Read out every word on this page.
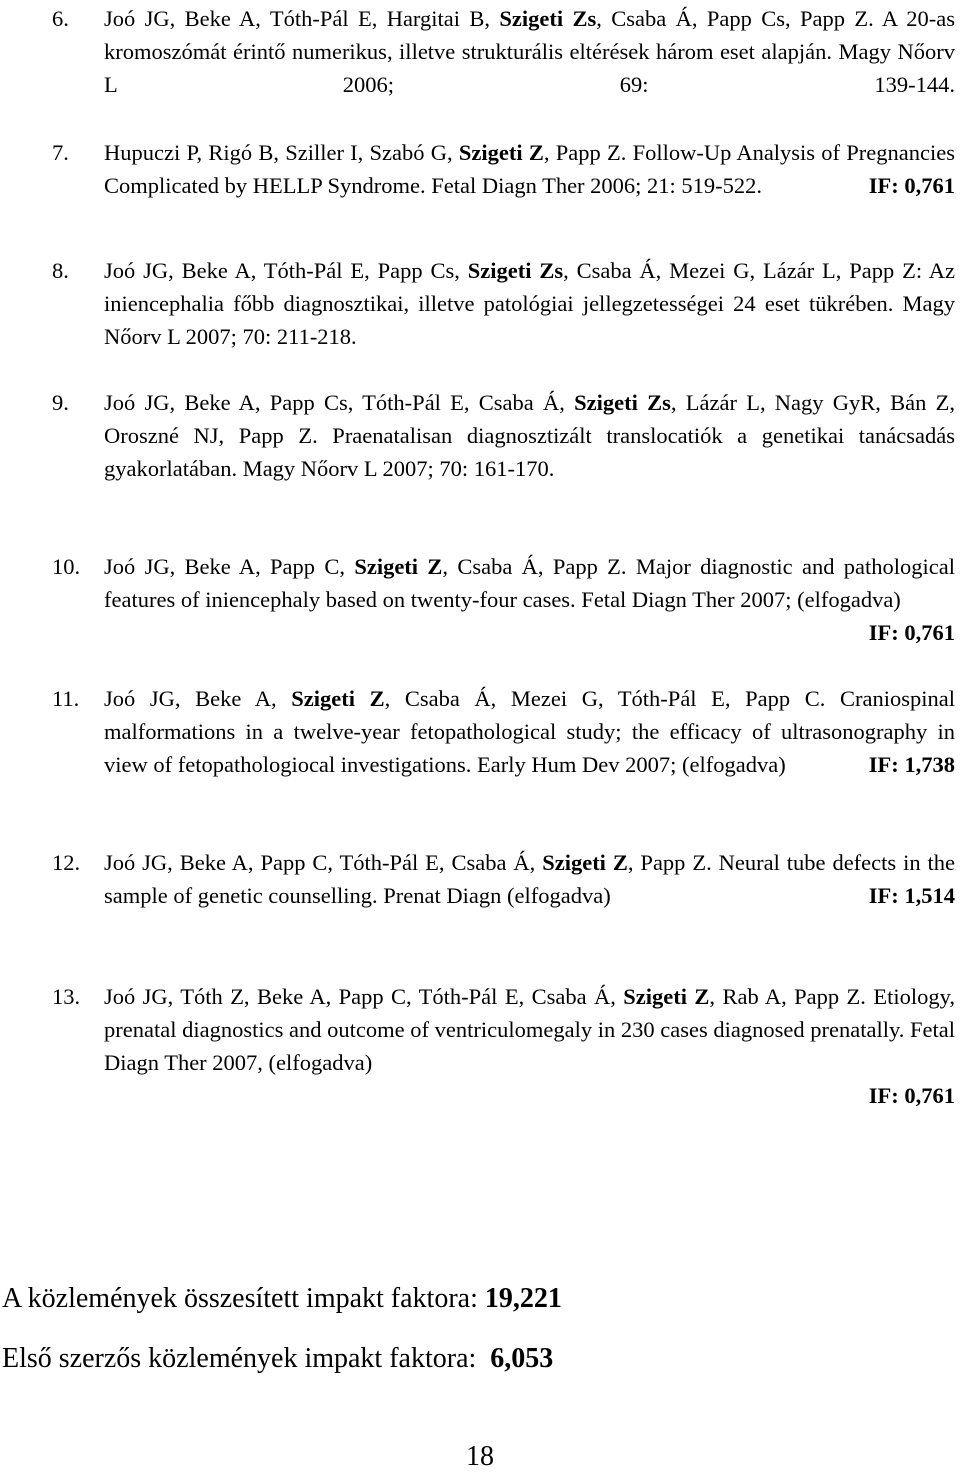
6. Joó JG, Beke A, Tóth-Pál E, Hargitai B, Szigeti Zs, Csaba Á, Papp Cs, Papp Z. A 20-as kromoszómát érintő numerikus, illetve strukturális eltérések három eset alapján. Magy Nőorv L 2006; 69: 139-144.
7. Hupuczi P, Rigó B, Sziller I, Szabó G, Szigeti Z, Papp Z. Follow-Up Analysis of Pregnancies Complicated by HELLP Syndrome. Fetal Diagn Ther 2006; 21: 519-522.	IF: 0,761
8. Joó JG, Beke A, Tóth-Pál E, Papp Cs, Szigeti Zs, Csaba Á, Mezei G, Lázár L, Papp Z: Az iniencephalia főbb diagnosztikai, illetve patológiai jellegzetességei 24 eset tükrében. Magy Nőorv L 2007; 70: 211-218.
9. Joó JG, Beke A, Papp Cs, Tóth-Pál E, Csaba Á, Szigeti Zs, Lázár L, Nagy GyR, Bán Z, Oroszné NJ, Papp Z. Praenatalisan diagnosztizált translocatiók a genetikai tanácsadás gyakorlatában. Magy Nőorv L 2007; 70: 161-170.
10. Joó JG, Beke A, Papp C, Szigeti Z, Csaba Á, Papp Z. Major diagnostic and pathological features of iniencephaly based on twenty-four cases. Fetal Diagn Ther 2007; (elfogadva)
IF: 0,761
11. Joó JG, Beke A, Szigeti Z, Csaba Á, Mezei G, Tóth-Pál E, Papp C. Craniospinal malformations in a twelve-year fetopathological study; the efficacy of ultrasonography in view of fetopathologiocal investigations. Early Hum Dev 2007; (elfogadva)	IF: 1,738
12. Joó JG, Beke A, Papp C, Tóth-Pál E, Csaba Á, Szigeti Z, Papp Z. Neural tube defects in the sample of genetic counselling. Prenat Diagn (elfogadva)	IF: 1,514
13. Joó JG, Tóth Z, Beke A, Papp C, Tóth-Pál E, Csaba Á, Szigeti Z, Rab A, Papp Z. Etiology, prenatal diagnostics and outcome of ventriculomegaly in 230 cases diagnosed prenatally. Fetal Diagn Ther 2007, (elfogadva)
IF: 0,761
A közlemények összesített impakt faktora: 19,221
Első szerzős közlemények impakt faktora:  6,053
18
